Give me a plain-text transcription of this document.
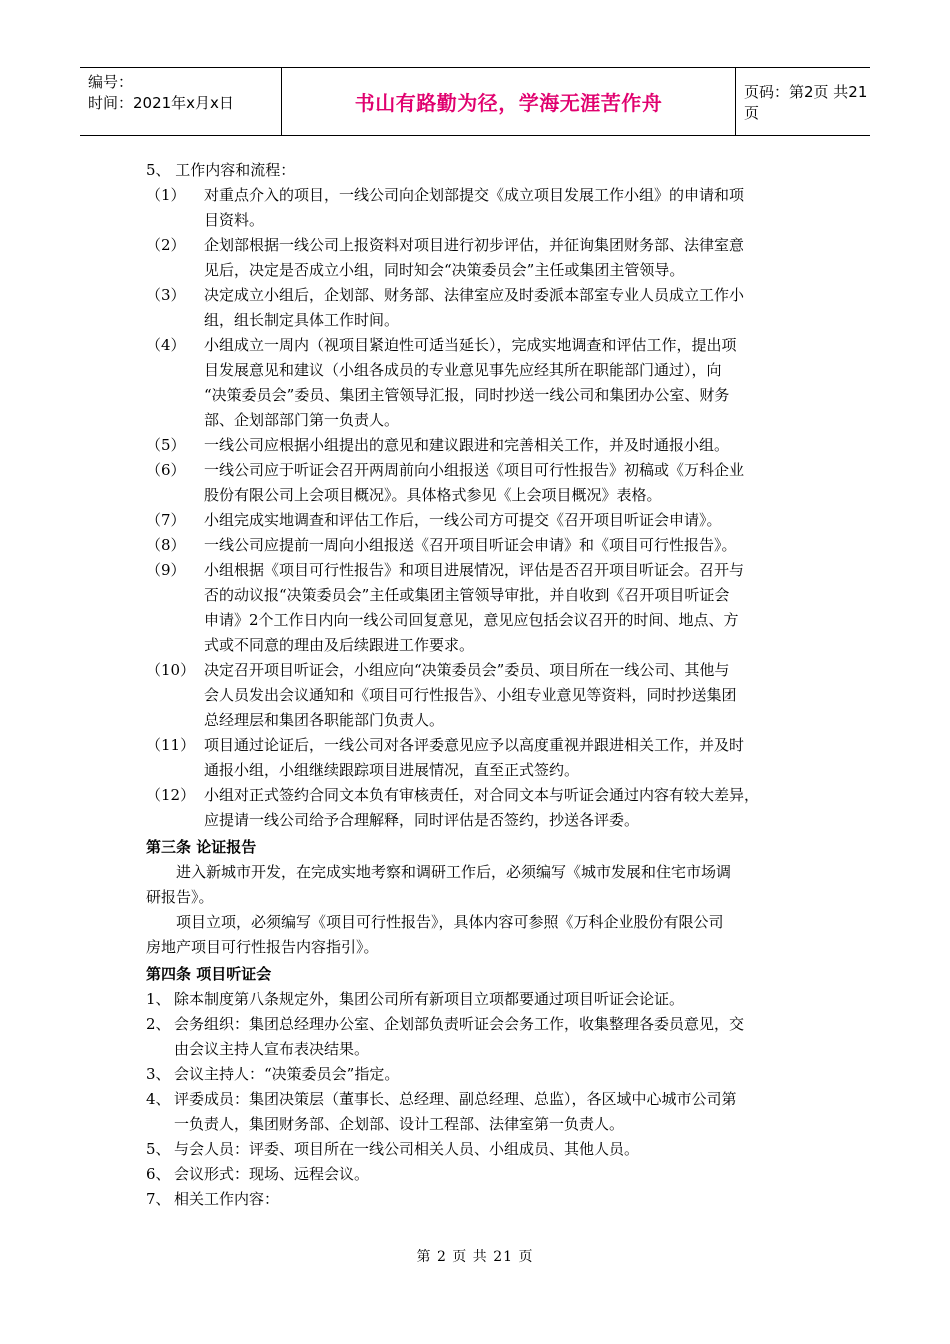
编号：
时间：2021年x月x日	书山有路勤为径，学海无涯苦作舟	页码：第2页 共21页
5、 工作内容和流程：
（1） 对重点介入的项目，一线公司向企划部提交《成立项目发展工作小组》的申请和项
目资料。
（2） 企划部根据一线公司上报资料对项目进行初步评估，并征询集团财务部、法律室意
见后，决定是否成立小组，同时知会“决策委员会”主任或集团主管领导。
（3） 决定成立小组后，企划部、财务部、法律室应及时委派本部室专业人员成立工作小
组，组长制定具体工作时间。
（4） 小组成立一周内（视项目紧迫性可适当延长），完成实地调查和评估工作，提出项
目发展意见和建议（小组各成员的专业意见事先应经其所在职能部门通过），向
“决策委员会”委员、集团主管领导汇报，同时抄送一线公司和集团办公室、财务
部、企划部部门第一负责人。
（5） 一线公司应根据小组提出的意见和建议跟进和完善相关工作，并及时通报小组。
（6） 一线公司应于听证会召开两周前向小组报送《项目可行性报告》初稿或《万科企业
股份有限公司上会项目概况》。具体格式参见《上会项目概况》表格。
（7） 小组完成实地调查和评估工作后，一线公司方可提交《召开项目听证会申请》。
（8） 一线公司应提前一周向小组报送《召开项目听证会申请》和《项目可行性报告》。
（9） 小组根据《项目可行性报告》和项目进展情况，评估是否召开项目听证会。召开与
否的动议报“决策委员会”主任或集团主管领导审批，并自收到《召开项目听证会
申请》2个工作日内向一线公司回复意见，意见应包括会议召开的时间、地点、方
式或不同意的理由及后续跟进工作要求。
（10） 决定召开项目听证会，小组应向“决策委员会”委员、项目所在一线公司、其他与
会人员发出会议通知和《项目可行性报告》、小组专业意见等资料，同时抄送集团
总经理层和集团各职能部门负责人。
（11） 项目通过论证后，一线公司对各评委意见应予以高度重视并跟进相关工作，并及时
通报小组，小组继续跟踪项目进展情况，直至正式签约。
（12） 小组对正式签约合同文本负有审核责任，对合同文本与听证会通过内容有较大差异，
应提请一线公司给予合理解释，同时评估是否签约，抄送各评委。
第三条 论证报告
进入新城市开发，在完成实地考察和调研工作后，必须编写《城市发展和住宅市场调
研报告》。
项目立项，必须编写《项目可行性报告》，具体内容可参照《万科企业股份有限公司
房地产项目可行性报告内容指引》。
第四条 项目听证会
1、 除本制度第八条规定外，集团公司所有新项目立项都要通过项目听证会论证。
2、 会务组织：集团总经理办公室、企划部负责听证会会务工作，收集整理各委员意见，交
由会议主持人宣布表决结果。
3、 会议主持人：“决策委员会”指定。
4、 评委成员：集团决策层（董事长、总经理、副总经理、总监），各区域中心城市公司第
一负责人，集团财务部、企划部、设计工程部、法律室第一负责人。
5、 与会人员：评委、项目所在一线公司相关人员、小组成员、其他人员。
6、 会议形式：现场、远程会议。
7、 相关工作内容：
第 2 页 共 21 页
